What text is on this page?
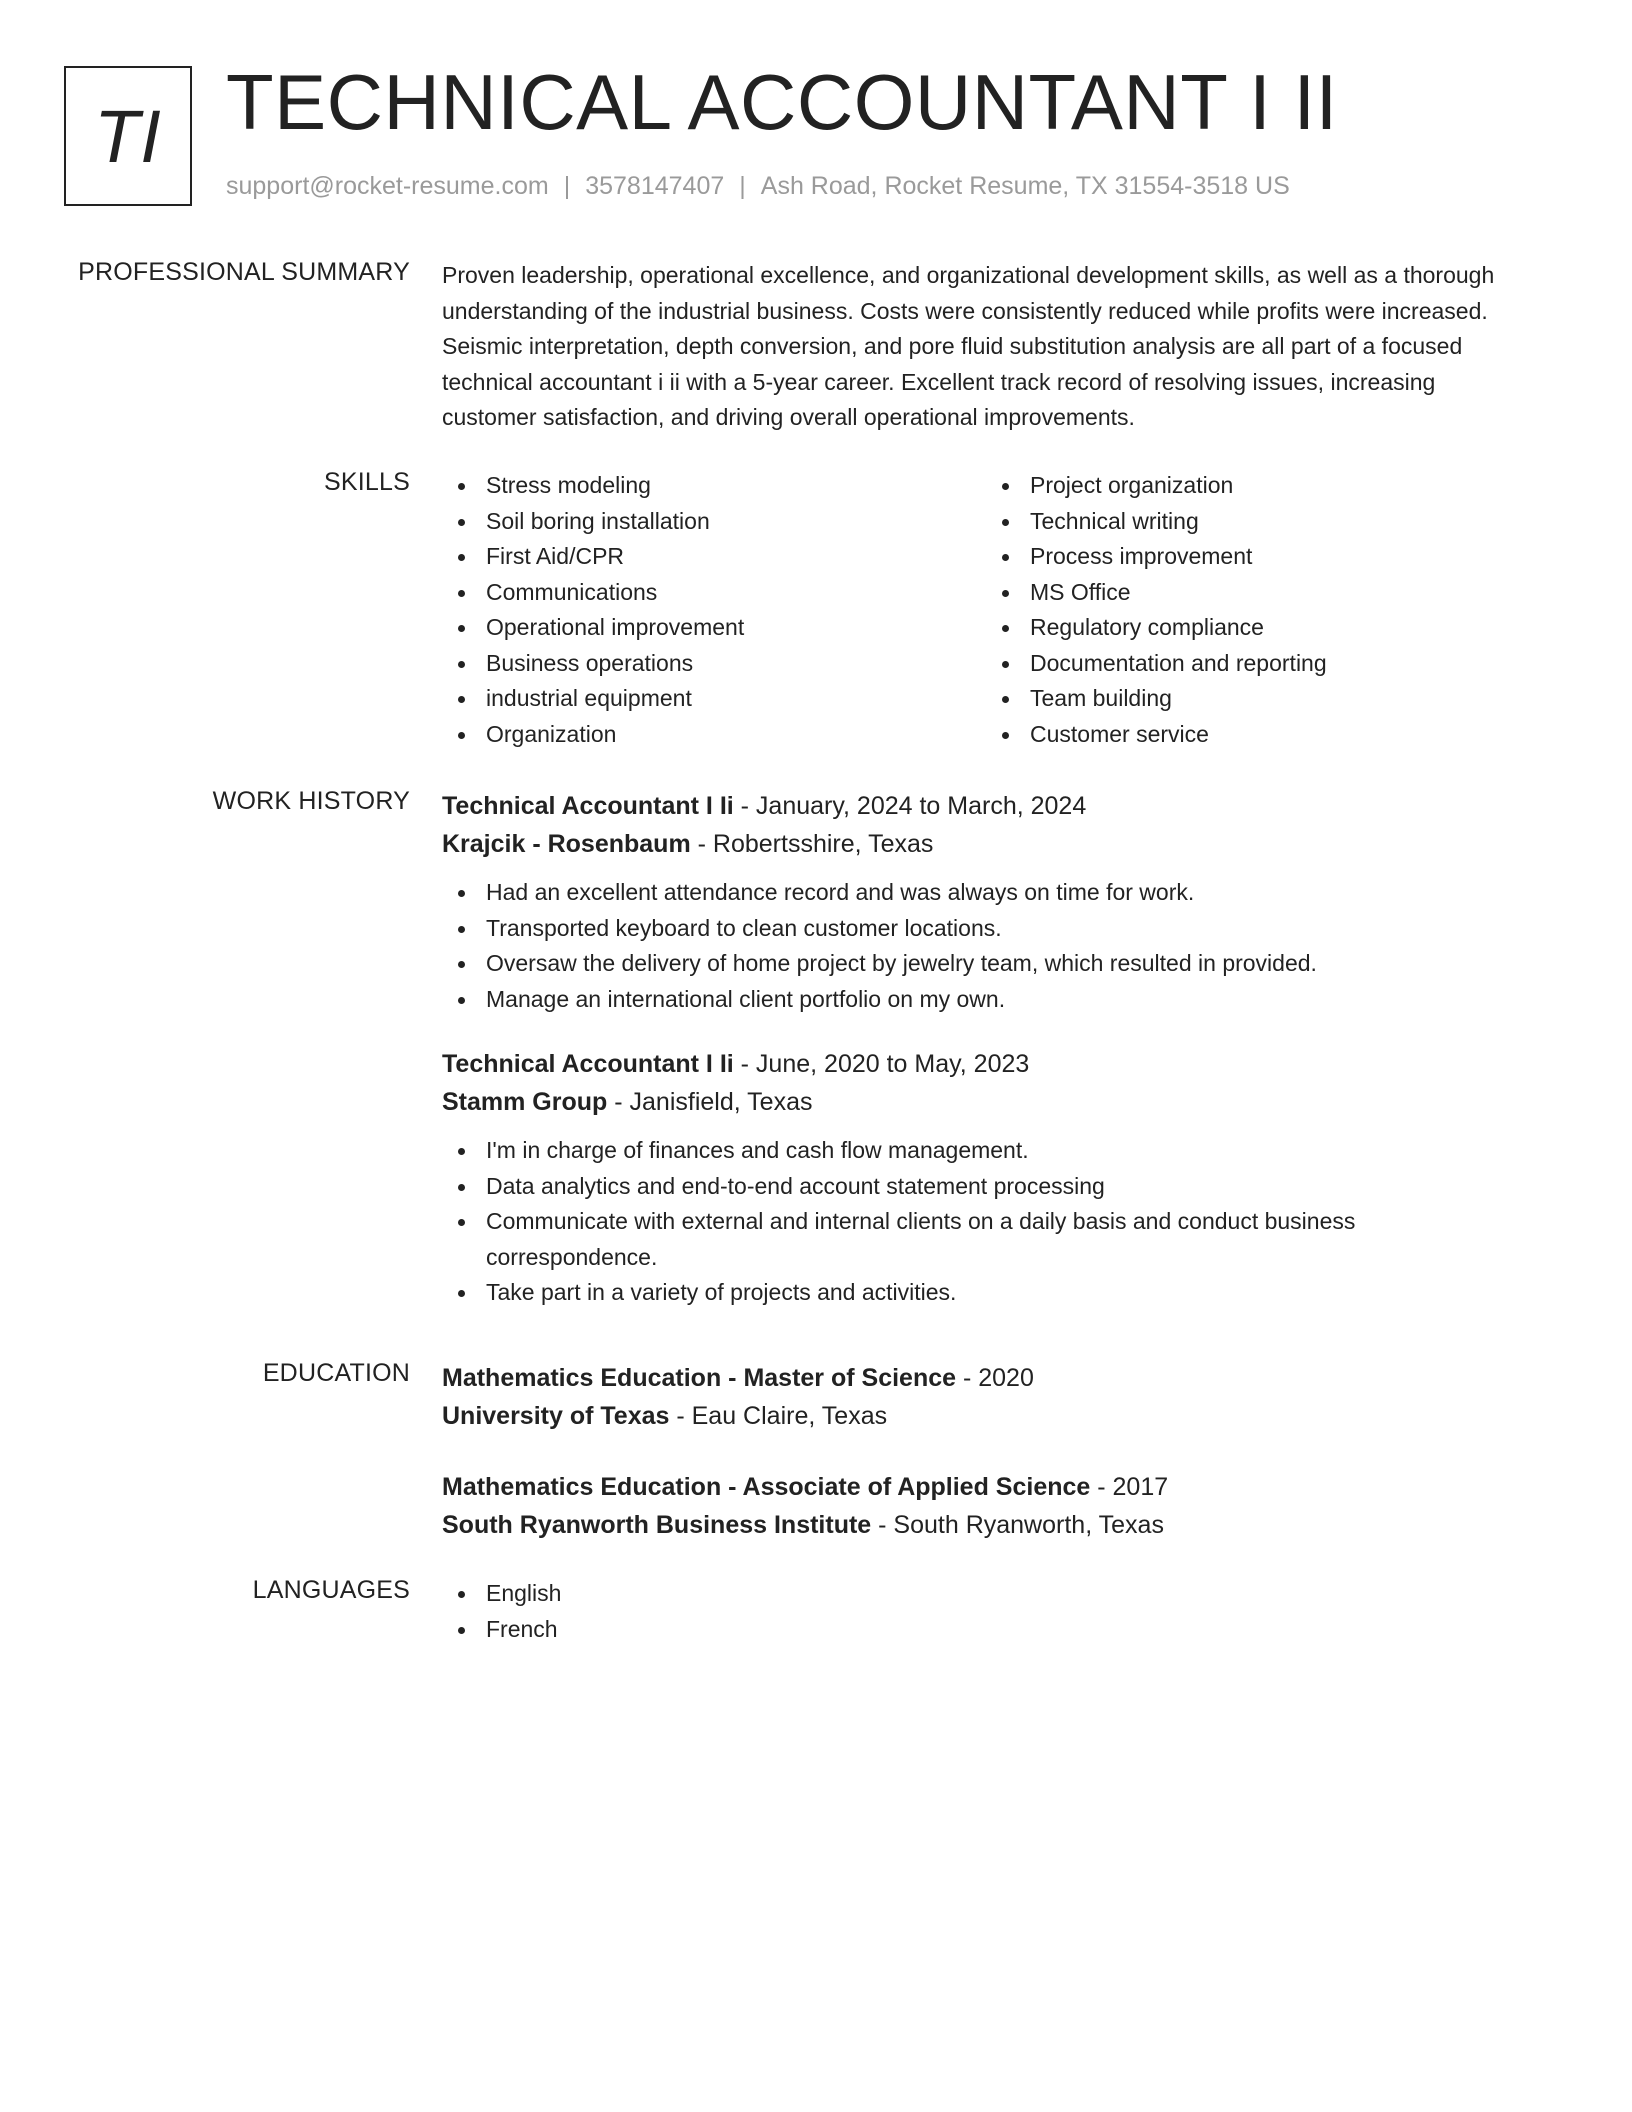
TI TECHNICAL ACCOUNTANT I II
support@rocket-resume.com | 3578147407 | Ash Road, Rocket Resume, TX 31554-3518 US
PROFESSIONAL SUMMARY Proven leadership, operational excellence, and organizational development skills, as well as a thorough understanding of the industrial business. Costs were consistently reduced while profits were increased. Seismic interpretation, depth conversion, and pore fluid substitution analysis are all part of a focused technical accountant i ii with a 5-year career. Excellent track record of resolving issues, increasing customer satisfaction, and driving overall operational improvements.
SKILLS	Stress modeling
Soil boring installation
First Aid/CPR
Communications
Operational improvement
Business operations
industrial equipment
Organization
Project organization
Technical writing
Process improvement
MS Office
Regulatory compliance
Documentation and reporting
Team building
Customer service
WORK HISTORY Technical Accountant I Ii - January, 2024 to March, 2024
Krajcik - Rosenbaum - Robertsshire, Texas
Had an excellent attendance record and was always on time for work.
Transported keyboard to clean customer locations.
Oversaw the delivery of home project by jewelry team, which resulted in provided.
Manage an international client portfolio on my own.
Technical Accountant I Ii - June, 2020 to May, 2023
Stamm Group - Janisfield, Texas
I'm in charge of finances and cash flow management.
Data analytics and end-to-end account statement processing
Communicate with external and internal clients on a daily basis and conduct business correspondence.
Take part in a variety of projects and activities.
EDUCATION Mathematics Education - Master of Science - 2020
University of Texas - Eau Claire, Texas
Mathematics Education - Associate of Applied Science - 2017
South Ryanworth Business Institute - South Ryanworth, Texas
LANGUAGES	English
French
